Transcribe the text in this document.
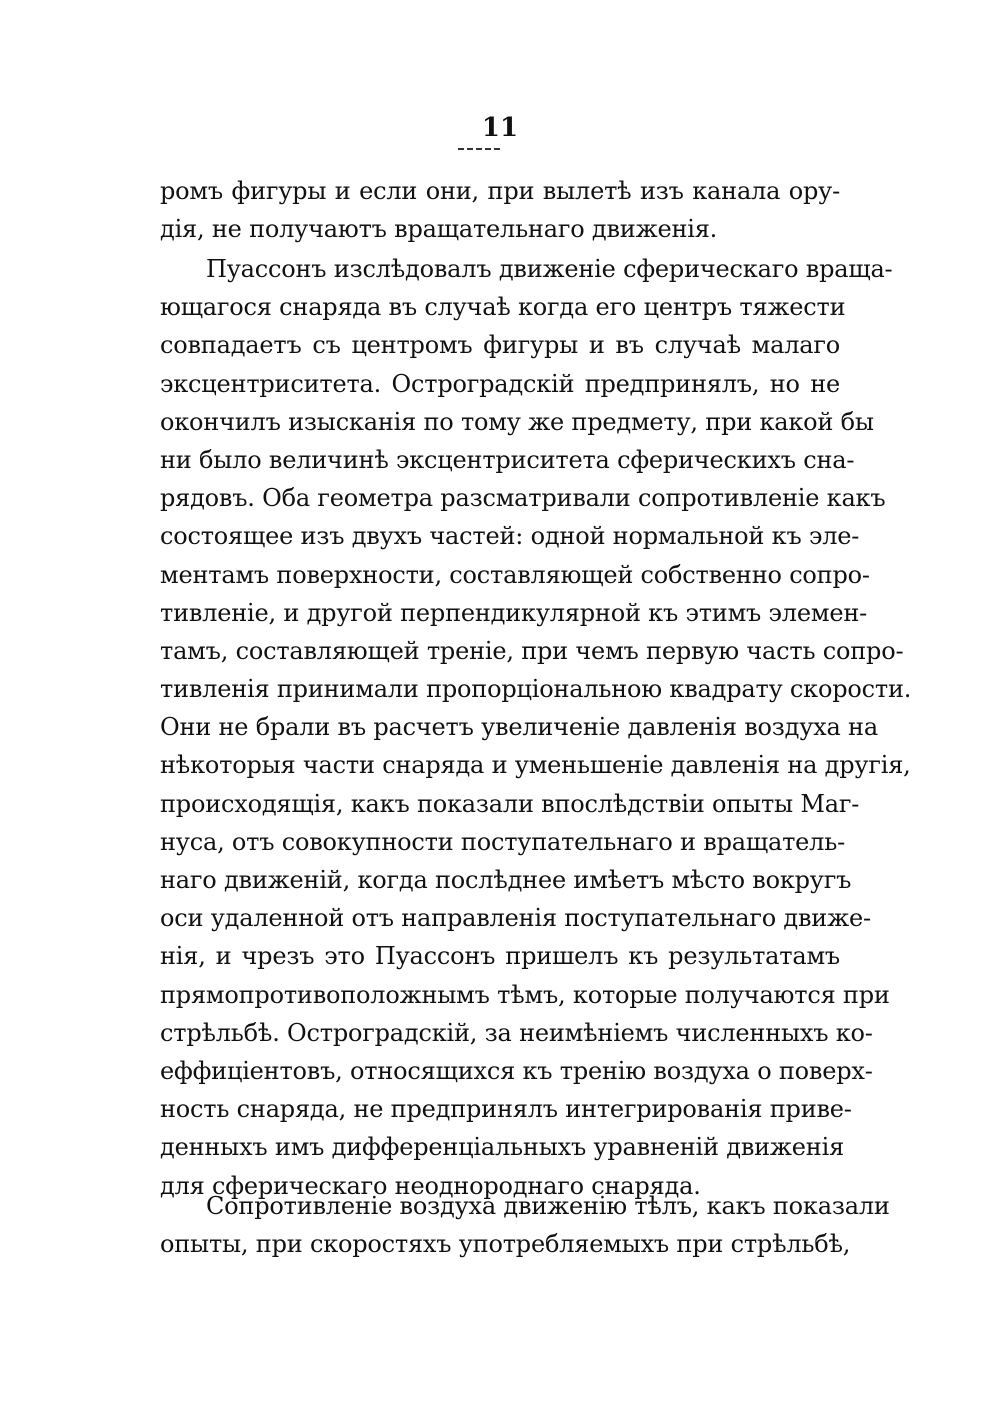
11
ромъ фигуры и если они, при вылетѣ изъ канала ору-
дія, не получаютъ вращательнаго движенія.
Пуассонъ изслѣдовалъ движеніе сферическаго враща-
ющагося снаряда въ случаѣ когда его центръ тяжести
совпадаетъ съ центромъ фигуры и въ случаѣ малаго
эксцентриситета. Остроградскій предпринялъ, но не
окончилъ изысканія по тому же предмету, при какой бы
ни было величинѣ эксцентриситета сферическихъ сна-
рядовъ. Оба геометра разсматривали сопротивленіе какъ
состоящее изъ двухъ частей: одной нормальной къ эле-
ментамъ поверхности, составляющей собственно сопро-
тивленіе, и другой перпендикулярной къ этимъ элемен-
тамъ, составляющей треніе, при чемъ первую часть сопро-
тивленія принимали пропорціональною квадрату скорости.
Они не брали въ расчетъ увеличеніе давленія воздуха на
нѣкоторыя части снаряда и уменьшеніе давленія на другія,
происходящія, какъ показали впослѣдствіи опыты Маг-
нуса, отъ совокупности поступательнаго и вращатель-
наго движеній, когда послѣднее имѣетъ мѣсто вокругъ
оси удаленной отъ направленія поступательнаго движе-
нія, и чрезъ это Пуассонъ пришелъ къ результатамъ
прямопротивоположнымъ тѣмъ, которые получаются при
стрѣльбѣ. Остроградскій, за неимѣніемъ численныхъ ко-
еффиціентовъ, относящихся къ тренію воздуха о поверх-
ность снаряда, не предпринялъ интегрированія приве-
денныхъ имъ дифференціальныхъ уравненій движенія
для сферическаго неоднороднаго снаряда.
Сопротивленіе воздуха движенію тѣлъ, какъ показали
опыты, при скоростяхъ употребляемыхъ при стрѣльбѣ,
